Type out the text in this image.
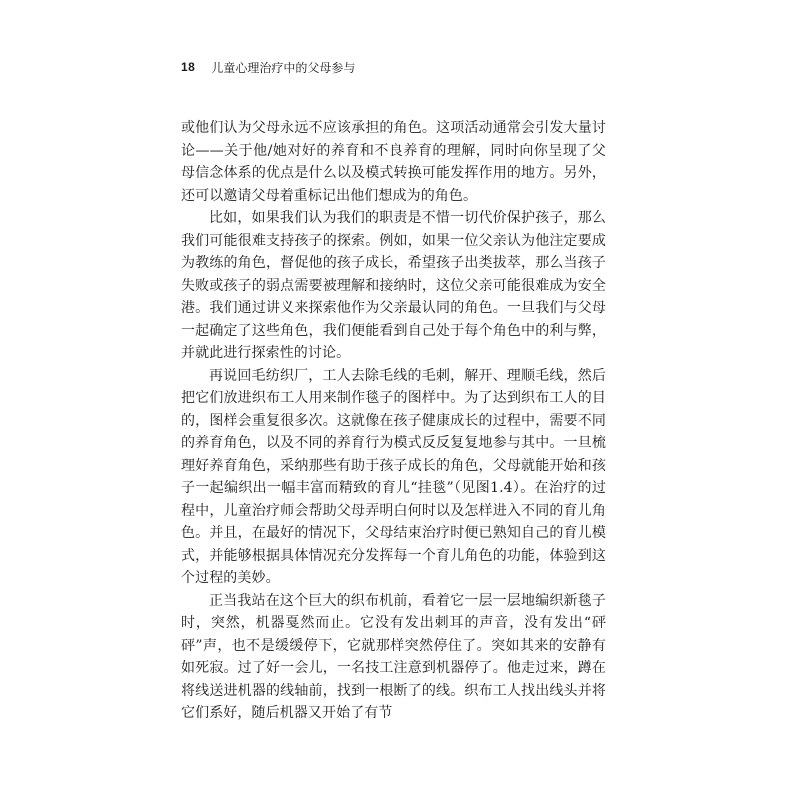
18 儿童心理治疗中的父母参与

或他们认为父母永远不应该承担的角色。这项活动通常会引发大量讨论——关于他/她对好的养育和不良养育的理解，同时向你呈现了父母信念体系的优点是什么以及模式转换可能发挥作用的地方。另外，还可以邀请父母着重标记出他们想成为的角色。

比如，如果我们认为我们的职责是不惜一切代价保护孩子，那么我们可能很难支持孩子的探索。例如，如果一位父亲认为他注定要成为教练的角色，督促他的孩子成长，希望孩子出类拔萃，那么当孩子失败或孩子的弱点需要被理解和接纳时，这位父亲可能很难成为安全港。我们通过讲义来探索他作为父亲最认同的角色。一旦我们与父母一起确定了这些角色，我们便能看到自己处于每个角色中的利与弊，并就此进行探索性的讨论。

再说回毛纺织厂，工人去除毛线的毛刺，解开、理顺毛线，然后把它们放进织布工人用来制作毯子的图样中。为了达到织布工人的目的，图样会重复很多次。这就像在孩子健康成长的过程中，需要不同的养育角色，以及不同的养育行为模式反反复复地参与其中。一旦梳理好养育角色，采纳那些有助于孩子成长的角色，父母就能开始和孩子一起编织出一幅丰富而精致的育儿“挂毯”（见图1.4）。在治疗的过程中，儿童治疗师会帮助父母弄明白何时以及怎样进入不同的育儿角色。并且，在最好的情况下，父母结束治疗时便已熟知自己的育儿模式，并能够根据具体情况充分发挥每一个育儿角色的功能，体验到这个过程的美妙。

正当我站在这个巨大的织布机前，看着它一层一层地编织新毯子时，突然，机器戛然而止。它没有发出刺耳的声音，没有发出“砰砰”声，也不是缓缓停下，它就那样突然停住了。突如其来的安静有如死寂。过了好一会儿，一名技工注意到机器停了。他走过来，蹲在将线送进机器的线轴前，找到一根断了的线。织布工人找出线头并将它们系好，随后机器又开始了有节
